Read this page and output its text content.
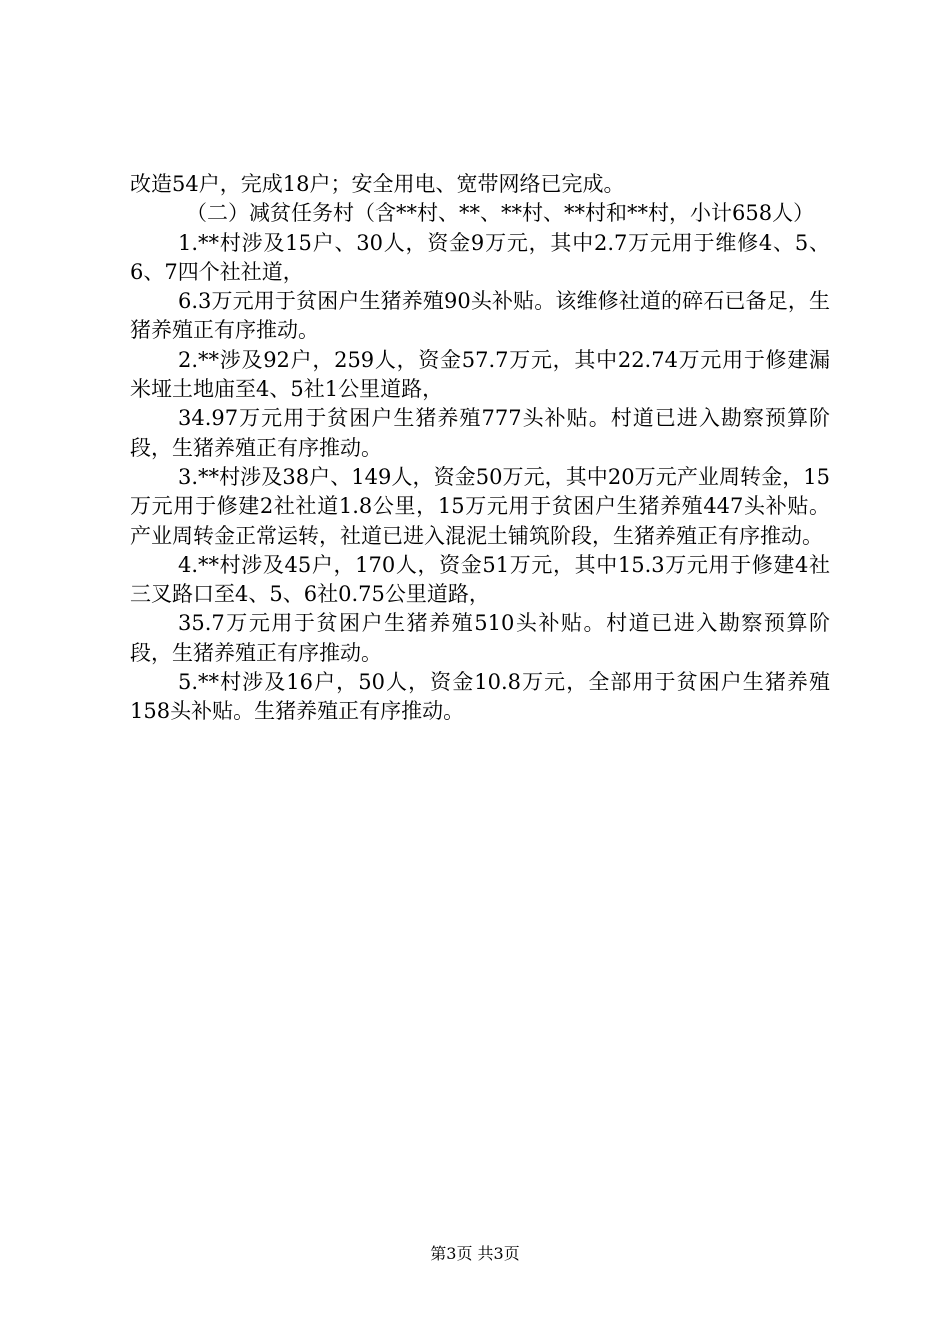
改造54户，完成18户；安全用电、宽带网络已完成。

（二）减贫任务村（含**村、**、**村、**村和**村，小计658人）

1.**村涉及15户、30人，资金9万元，其中2.7万元用于维修4、5、6、7四个社社道，

6.3万元用于贫困户生猪养殖90头补贴。该维修社道的碎石已备足，生猪养殖正有序推动。

2.**涉及92户，259人，资金57.7万元，其中22.74万元用于修建漏米垭土地庙至4、5社1公里道路，

34.97万元用于贫困户生猪养殖777头补贴。村道已进入勘察预算阶段，生猪养殖正有序推动。

3.**村涉及38户、149人，资金50万元，其中20万元产业周转金，15万元用于修建2社社道1.8公里，15万元用于贫困户生猪养殖447头补贴。产业周转金正常运转，社道已进入混泥土铺筑阶段，生猪养殖正有序推动。

4.**村涉及45户，170人，资金51万元，其中15.3万元用于修建4社三叉路口至4、5、6社0.75公里道路，

35.7万元用于贫困户生猪养殖510头补贴。村道已进入勘察预算阶段，生猪养殖正有序推动。

5.**村涉及16户，50人，资金10.8万元，全部用于贫困户生猪养殖158头补贴。生猪养殖正有序推动。

第3页 共3页
